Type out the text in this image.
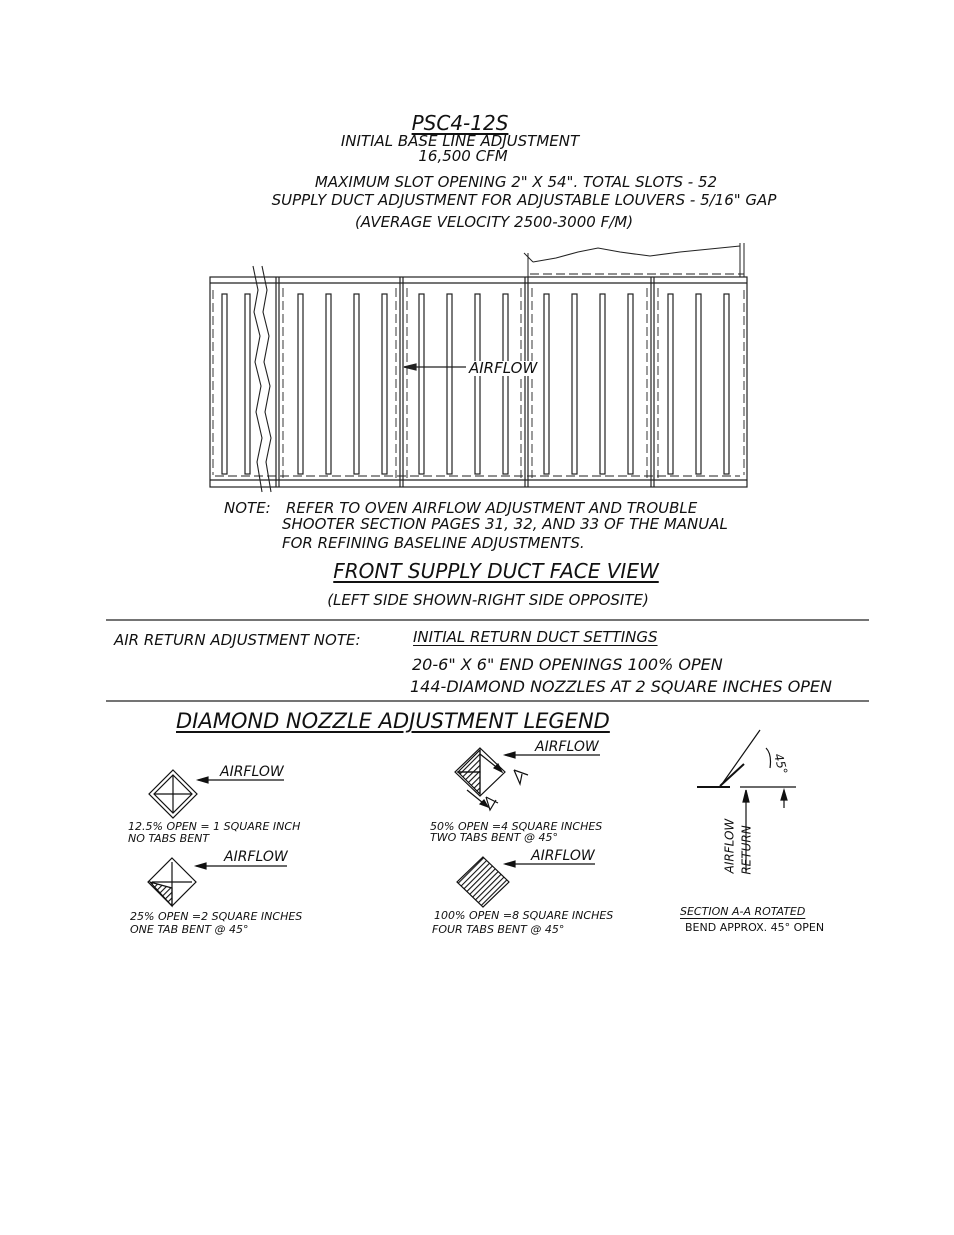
PSC4-12S
INITIAL BASE LINE ADJUSTMENT
16,500 CFM
MAXIMUM SLOT OPENING 2" X 54". TOTAL SLOTS - 52
SUPPLY DUCT ADJUSTMENT FOR ADJUSTABLE LOUVERS - 5/16" GAP
(AVERAGE VELOCITY 2500-3000 F/M)
AIRFLOW
NOTE: REFER TO OVEN AIRFLOW ADJUSTMENT AND TROUBLE
SHOOTER SECTION PAGES 31, 32, AND 33 OF THE MANUAL
FOR REFINING BASELINE ADJUSTMENTS.
FRONT SUPPLY DUCT FACE VIEW
(LEFT SIDE SHOWN-RIGHT SIDE OPPOSITE)
AIR RETURN ADJUSTMENT NOTE:	INITIAL RETURN DUCT SETTINGS
20-6" X 6" END OPENINGS 100% OPEN
144-DIAMOND NOZZLES AT 2 SQUARE INCHES OPEN
DIAMOND NOZZLE ADJUSTMENT LEGEND
AIRFLOW
12.5% OPEN = 1 SQUARE INCH
NO TABS BENT
AIRFLOW
25% OPEN =2 SQUARE INCHES
ONE TAB BENT @ 45°
AIRFLOW
50% OPEN =4 SQUARE INCHES
TWO TABS BENT @ 45°
AIRFLOW
100% OPEN =8 SQUARE INCHES
FOUR TABS BENT @ 45°
45°
AIRFLOW RETURN
SECTION A-A ROTATED
BEND APPROX. 45° OPEN
